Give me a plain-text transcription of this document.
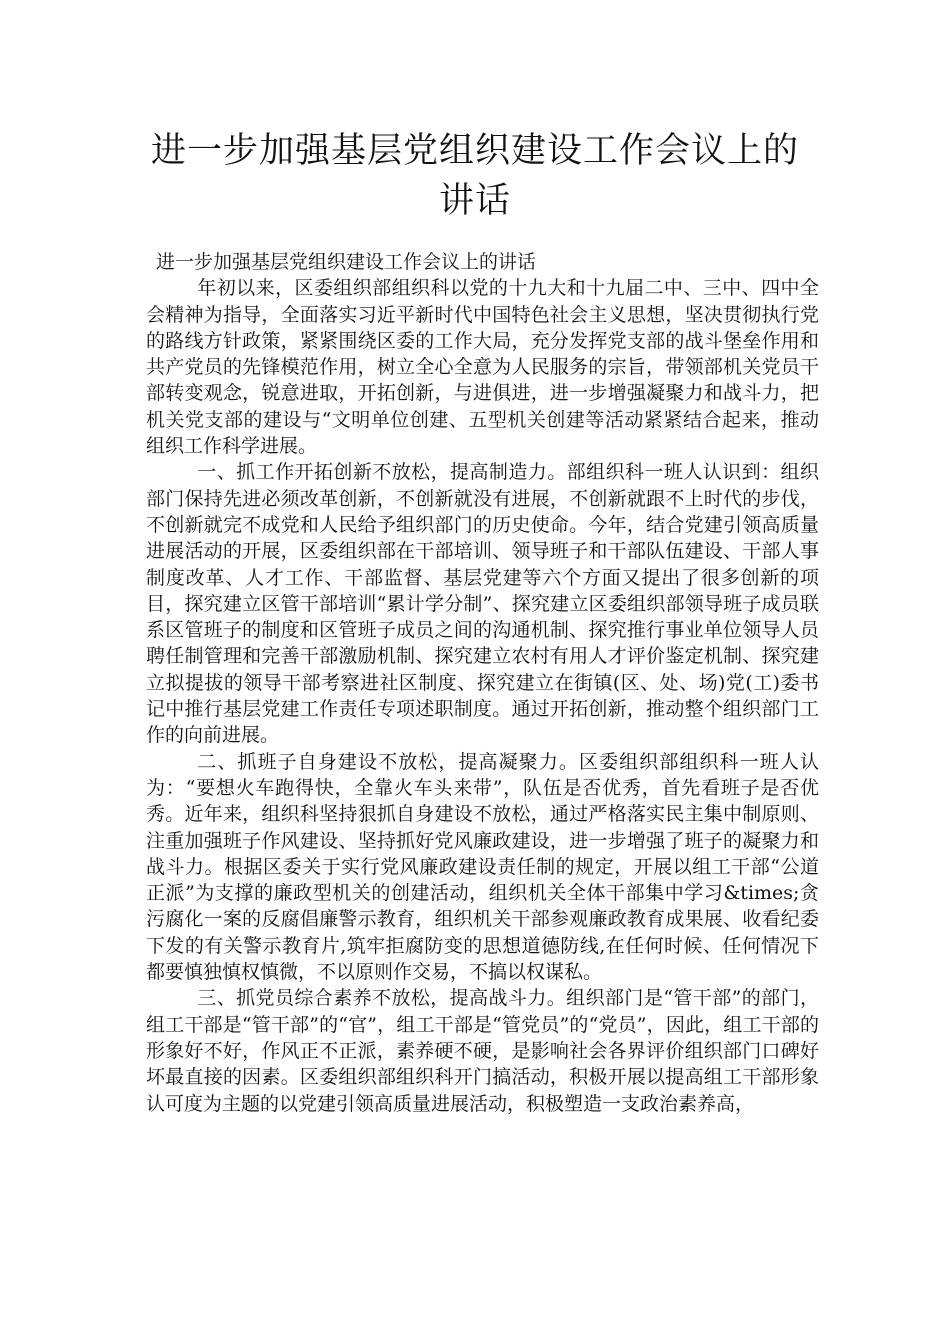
进一步加强基层党组织建设工作会议上的
讲话

进一步加强基层党组织建设工作会议上的讲话

年初以来，区委组织部组织科以党的十九大和十九届二中、三中、四中全会精神为指导，全面落实习近平新时代中国特色社会主义思想，坚决贯彻执行党的路线方针政策，紧紧围绕区委的工作大局，充分发挥党支部的战斗堡垒作用和共产党员的先锋模范作用，树立全心全意为人民服务的宗旨，带领部机关党员干部转变观念，锐意进取，开拓创新，与进俱进，进一步增强凝聚力和战斗力，把机关党支部的建设与“文明单位创建、五型机关创建等活动紧紧结合起来，推动组织工作科学进展。

一、抓工作开拓创新不放松，提高制造力。部组织科一班人认识到：组织部门保持先进必须改革创新，不创新就没有进展，不创新就跟不上时代的步伐，不创新就完不成党和人民给予组织部门的历史使命。今年，结合党建引领高质量进展活动的开展，区委组织部在干部培训、领导班子和干部队伍建设、干部人事制度改革、人才工作、干部监督、基层党建等六个方面又提出了很多创新的项目，探究建立区管干部培训“累计学分制”、探究建立区委组织部领导班子成员联系区管班子的制度和区管班子成员之间的沟通机制、探究推行事业单位领导人员聘任制管理和完善干部激励机制、探究建立农村有用人才评价鉴定机制、探究建立拟提拔的领导干部考察进社区制度、探究建立在街镇(区、处、场)党(工)委书记中推行基层党建工作责任专项述职制度。通过开拓创新，推动整个组织部门工作的向前进展。

二、抓班子自身建设不放松，提高凝聚力。区委组织部组织科一班人认为：“要想火车跑得快，全靠火车头来带”，队伍是否优秀，首先看班子是否优秀。近年来，组织科坚持狠抓自身建设不放松，通过严格落实民主集中制原则、注重加强班子作风建设、坚持抓好党风廉政建设，进一步增强了班子的凝聚力和战斗力。根据区委关于实行党风廉政建设责任制的规定，开展以组工干部“公道正派”为支撑的廉政型机关的创建活动，组织机关全体干部集中学习&times;贪污腐化一案的反腐倡廉警示教育，组织机关干部参观廉政教育成果展、收看纪委下发的有关警示教育片,筑牢拒腐防变的思想道德防线,在任何时候、任何情况下都要慎独慎权慎微，不以原则作交易，不搞以权谋私。

三、抓党员综合素养不放松，提高战斗力。组织部门是“管干部”的部门，组工干部是“管干部”的“官”，组工干部是“管党员”的“党员”，因此，组工干部的形象好不好，作风正不正派，素养硬不硬，是影响社会各界评价组织部门口碑好坏最直接的因素。区委组织部组织科开门搞活动，积极开展以提高组工干部形象认可度为主题的以党建引领高质量进展活动，积极塑造一支政治素养高，
